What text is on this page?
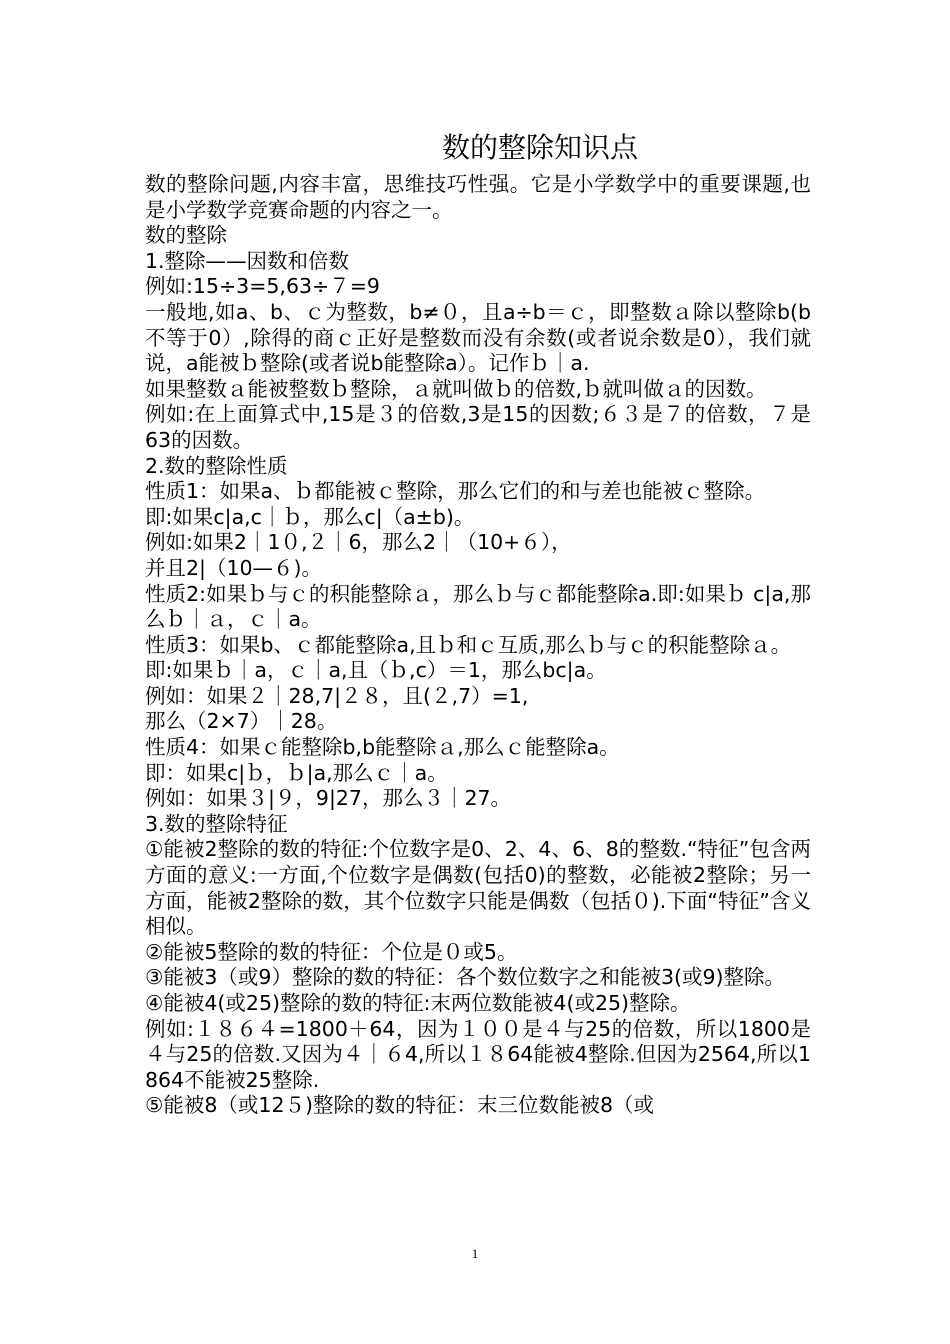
数的整除知识点

数的整除问题,内容丰富，思维技巧性强。它是小学数学中的重要课题,也是小学数学竞赛命题的内容之一。

数的整除

1.整除——因数和倍数

例如:15÷3=5,63÷７=9

一般地,如a、b、ｃ为整数，b≠０，且a÷b＝ｃ，即整数ａ除以整除b(b不等于0）,除得的商ｃ正好是整数而没有余数(或者说余数是0），我们就说，a能被ｂ整除(或者说b能整除a）。记作ｂ｜a.

如果整数ａ能被整数ｂ整除，ａ就叫做ｂ的倍数,ｂ就叫做ａ的因数。

例如:在上面算式中,15是３的倍数,3是15的因数;６３是７的倍数，７是63的因数。

2.数的整除性质

性质1：如果a、ｂ都能被ｃ整除，那么它们的和与差也能被ｃ整除。

即:如果c|a,c｜ｂ，那么c|（a±b)。

例如:如果2｜1０,２｜6，那么2｜（10+６），

并且2|（10—６)。

性质2:如果ｂ与ｃ的积能整除ａ，那么ｂ与ｃ都能整除a.即:如果ｂ c|a,那么ｂ｜ａ，ｃ｜a。

性质3：如果b、ｃ都能整除a,且ｂ和ｃ互质,那么ｂ与ｃ的积能整除ａ。

即:如果ｂ｜a，ｃ｜a,且（ｂ,c）＝1，那么bc|a。

例如：如果２｜28,7|２８，且(２,7）=1,

那么（2×7）｜28。

性质4：如果ｃ能整除b,b能整除ａ,那么ｃ能整除a。

即：如果c|ｂ，ｂ|a,那么ｃ｜a。

例如：如果３|９，9|27，那么３｜27。

3.数的整除特征

①能被2整除的数的特征:个位数字是0、2、4、6、8的整数.“特征”包含两方面的意义:一方面,个位数字是偶数(包括0)的整数，必能被2整除；另一方面，能被2整除的数，其个位数字只能是偶数（包括０).下面“特征”含义相似。

②能被5整除的数的特征：个位是０或5。

③能被3（或9）整除的数的特征：各个数位数字之和能被3(或9)整除。

④能被4(或25)整除的数的特征:末两位数能被4(或25)整除。

例如:１８６４=1800＋64，因为１００是４与25的倍数，所以1800是４与25的倍数.又因为４｜６4,所以１８64能被4整除.但因为2564,所以1 864不能被25整除.

⑤能被8（或12５)整除的数的特征：末三位数能被8（或

1
